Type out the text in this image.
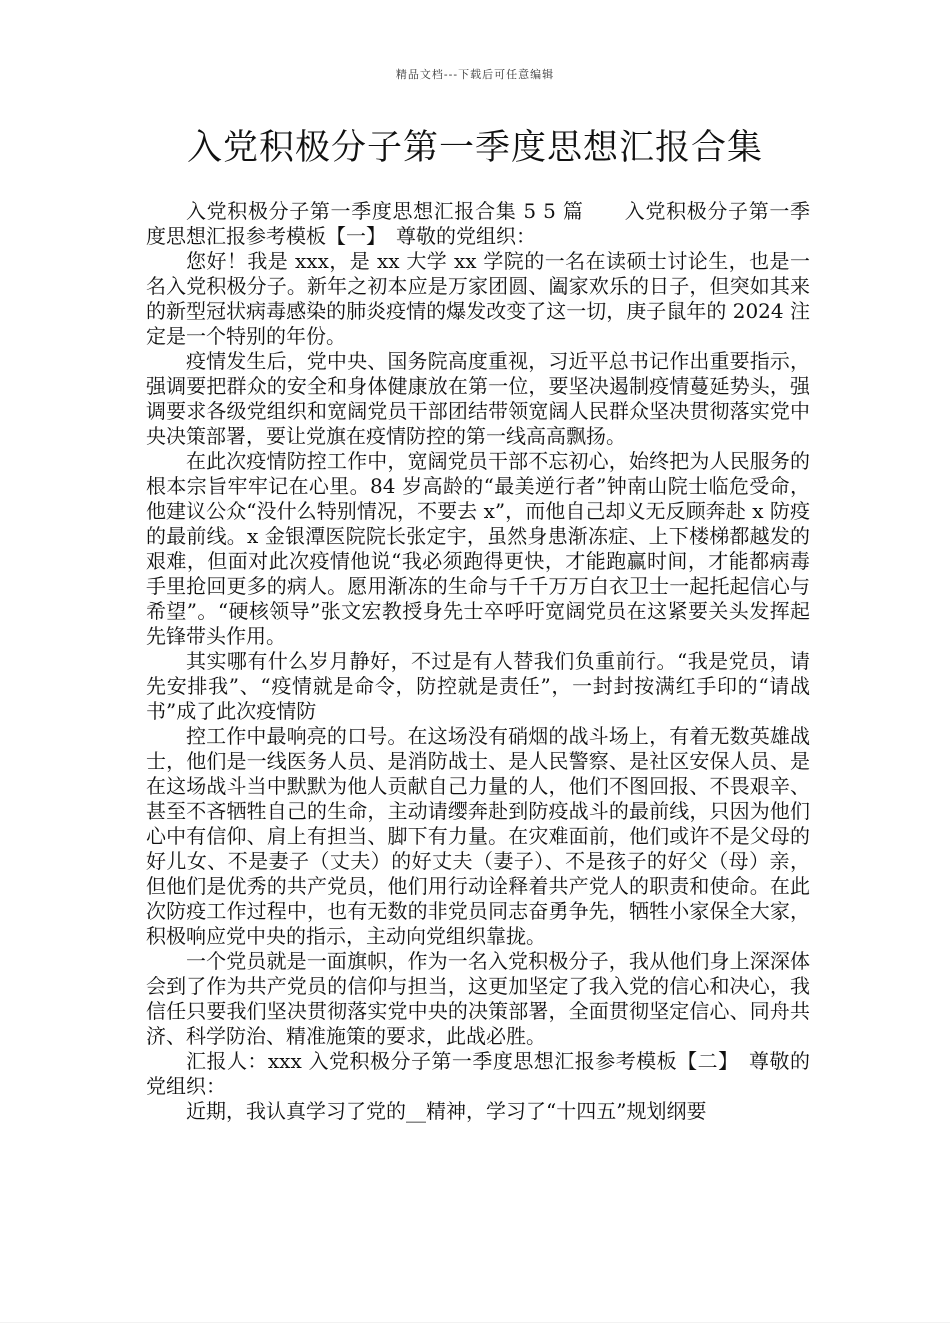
精品文档---下载后可任意编辑
入党积极分子第一季度思想汇报合集

入党积极分子第一季度思想汇报合集 5 5 篇　　入党积极分子第一季度思想汇报参考模板【一】　尊敬的党组织：

您好！我是 xxx，是 xx 大学 xx 学院的一名在读硕士讨论生，也是一名入党积极分子。新年之初本应是万家团圆、阖家欢乐的日子，但突如其来的新型冠状病毒感染的肺炎疫情的爆发改变了这一切，庚子鼠年的 2024 注定是一个特别的年份。

疫情发生后，党中央、国务院高度重视，习近平总书记作出重要指示，强调要把群众的安全和身体健康放在第一位，要坚决遏制疫情蔓延势头，强调要求各级党组织和宽阔党员干部团结带领宽阔人民群众坚决贯彻落实党中央决策部署，要让党旗在疫情防控的第一线高高飘扬。

在此次疫情防控工作中，宽阔党员干部不忘初心，始终把为人民服务的根本宗旨牢牢记在心里。84 岁高龄的“最美逆行者”钟南山院士临危受命，他建议公众“没什么特别情况，不要去 x”，而他自己却义无反顾奔赴 x 防疫的最前线。x 金银潭医院院长张定宇，虽然身患渐冻症、上下楼梯都越发的艰难，但面对此次疫情他说“我必须跑得更快，才能跑赢时间，才能都病毒手里抢回更多的病人。愿用渐冻的生命与千千万万白衣卫士一起托起信心与希望”。“硬核领导”张文宏教授身先士卒呼吁宽阔党员在这紧要关头发挥起先锋带头作用。

其实哪有什么岁月静好，不过是有人替我们负重前行。“我是党员，请先安排我”、“疫情就是命令，防控就是责任”，一封封按满红手印的“请战书”成了此次疫情防

控工作中最响亮的口号。在这场没有硝烟的战斗场上，有着无数英雄战士，他们是一线医务人员、是消防战士、是人民警察、是社区安保人员、是在这场战斗当中默默为他人贡献自己力量的人，他们不图回报、不畏艰辛、甚至不吝牺牲自己的生命，主动请缨奔赴到防疫战斗的最前线，只因为他们心中有信仰、肩上有担当、脚下有力量。在灾难面前，他们或许不是父母的好儿女、不是妻子（丈夫）的好丈夫（妻子）、不是孩子的好父（母）亲，但他们是优秀的共产党员，他们用行动诠释着共产党人的职责和使命。在此次防疫工作过程中，也有无数的非党员同志奋勇争先，牺牲小家保全大家，积极响应党中央的指示，主动向党组织靠拢。

一个党员就是一面旗帜，作为一名入党积极分子，我从他们身上深深体会到了作为共产党员的信仰与担当，这更加坚定了我入党的信心和决心，我信任只要我们坚决贯彻落实党中央的决策部署，全面贯彻坚定信心、同舟共济、科学防治、精准施策的要求，此战必胜。

汇报人：xxx 入党积极分子第一季度思想汇报参考模板【二】　尊敬的党组织：

近期，我认真学习了党的__精神，学习了“十四五”规划纲要
